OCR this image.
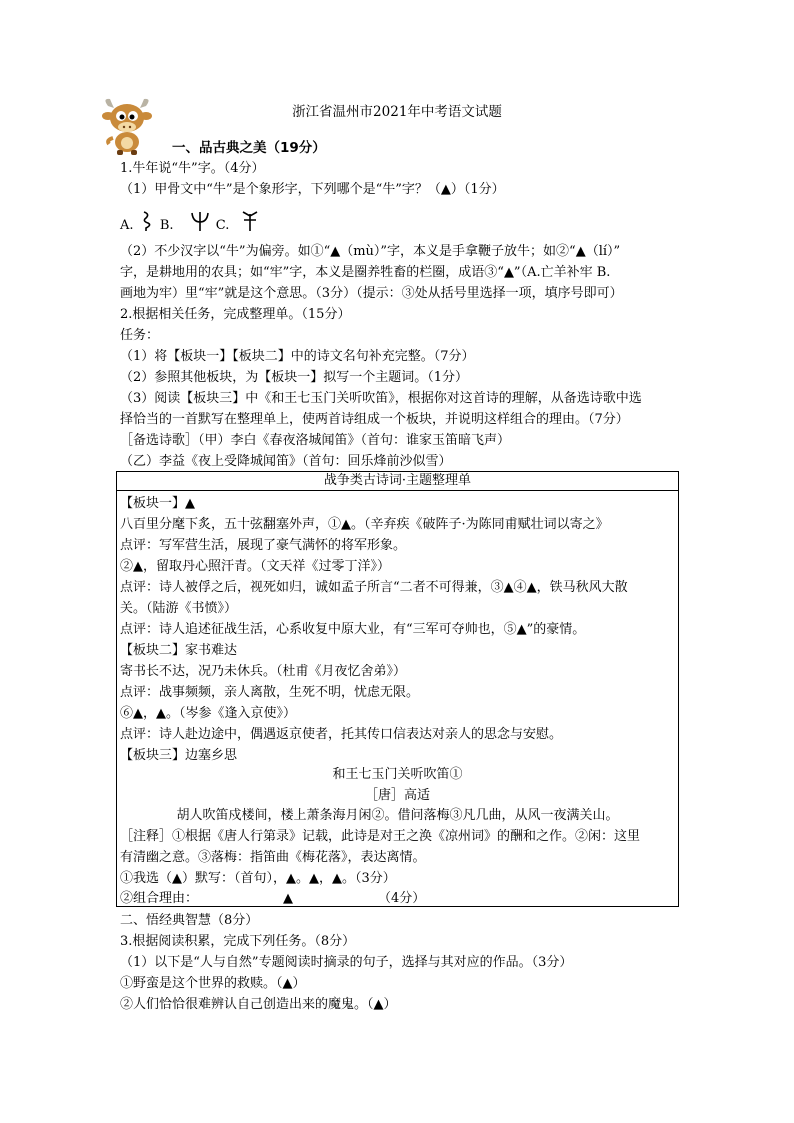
浙江省温州市2021年中考语文试题
一、品古典之美（19分）
1.牛年说“牛”字。（4分）
（1）甲骨文中“牛”是个象形字，下列哪个是“牛”字？（▲）（1分）
A. B.	C.
（2）不少汉字以“牛”为偏旁。如①“▲（mù）”字，本义是手拿鞭子放牛；如②“▲（lí）”
字，是耕地用的农具；如“牢”字，本义是圈养牲畜的栏圈，成语③“▲”（A.亡羊补牢 B.
画地为牢）里“牢”就是这个意思。（3分）（提示：③处从括号里选择一项，填序号即可）
2.根据相关任务，完成整理单。（15分）
任务：
（1）将【板块一】【板块二】中的诗文名句补充完整。（7分）
（2）参照其他板块，为【板块一】拟写一个主题词。（1分）
（3）阅读【板块三】中《和王七玉门关听吹笛》，根据你对这首诗的理解，从备选诗歌中选
择恰当的一首默写在整理单上，使两首诗组成一个板块，并说明这样组合的理由。（7分）
［备选诗歌］（甲）李白《春夜洛城闻笛》（首句：谁家玉笛暗飞声）
（乙）李益《夜上受降城闻笛》（首句：回乐烽前沙似雪）
战争类古诗词·主题整理单
【板块一】▲
八百里分麾下炙，五十弦翻塞外声，①▲。（辛弃疾《破阵子·为陈同甫赋壮词以寄之》
点评：写军营生活，展现了豪气满怀的将军形象。
②▲，留取丹心照汗青。（文天祥《过零丁洋》）
点评：诗人被俘之后，视死如归，诚如孟子所言“二者不可得兼，③▲④▲，铁马秋风大散
关。（陆游《书愤》）
点评：诗人追述征战生活，心系收复中原大业，有“三军可夺帅也，⑤▲”的豪情。
【板块二】家书难达
寄书长不达，况乃未休兵。（杜甫《月夜忆舍弟》）
点评：战事频频，亲人离散，生死不明，忧虑无限。
⑥▲，▲。（岑参《逢入京使》）
点评：诗人赴边途中，偶遇返京使者，托其传口信表达对亲人的思念与安慰。
【板块三】边塞乡思
和王七玉门关听吹笛①
［唐］高适
胡人吹笛戍楼间，楼上萧条海月闲②。借问落梅③凡几曲，从风一夜满关山。
［注释］①根据《唐人行第录》记载，此诗是对王之涣《凉州词》的酬和之作。②闲：这里
有清幽之意。③落梅：指笛曲《梅花落》，表达离情。
①我选（▲）默写：（首句），▲。▲，▲。（3分）
②组合理由：	▲	（4分）
二、悟经典智慧（8分）
3.根据阅读积累，完成下列任务。（8分）
（1）以下是“人与自然”专题阅读时摘录的句子，选择与其对应的作品。（3分）
①野蛮是这个世界的救赎。（▲）
②人们恰恰很难辨认自己创造出来的魔鬼。（▲）
